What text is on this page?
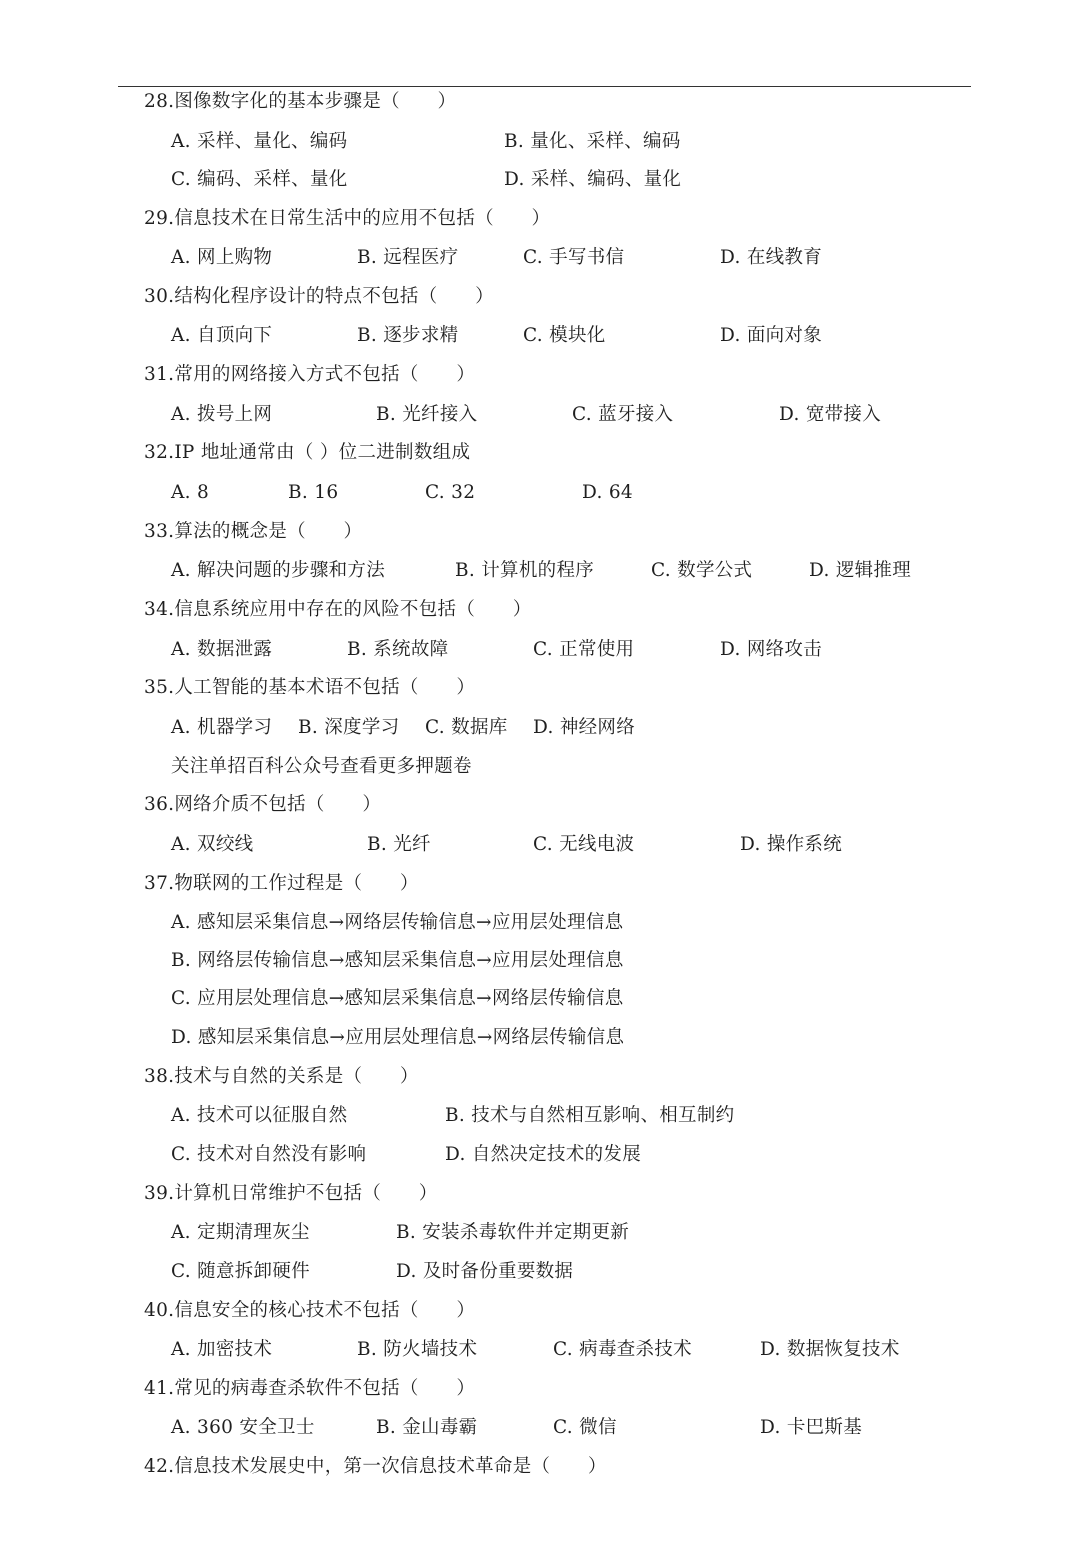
28.图像数字化的基本步骤是（　　）
A. 采样、量化、编码	B. 量化、采样、编码
C. 编码、采样、量化	D. 采样、编码、量化
29.信息技术在日常生活中的应用不包括（　　）
A. 网上购物	B. 远程医疗	C. 手写书信	D. 在线教育
30.结构化程序设计的特点不包括（　　）
A. 自顶向下	B. 逐步求精	C. 模块化	D. 面向对象
31.常用的网络接入方式不包括（　　）
A. 拨号上网	B. 光纤接入	C. 蓝牙接入	D. 宽带接入
32.IP 地址通常由（ ）位二进制数组成
A. 8	B. 16	C. 32	D. 64
33.算法的概念是（　　）
A. 解决问题的步骤和方法	B. 计算机的程序	C. 数学公式	D. 逻辑推理
34.信息系统应用中存在的风险不包括（　　）
A. 数据泄露	B. 系统故障	C. 正常使用	D. 网络攻击
35.人工智能的基本术语不包括（　　）
A. 机器学习 B. 深度学习 C. 数据库 D. 神经网络
关注单招百科公众号查看更多押题卷
36.网络介质不包括（　　）
A. 双绞线	B. 光纤	C. 无线电波	D. 操作系统
37.物联网的工作过程是（　　）
A. 感知层采集信息→网络层传输信息→应用层处理信息
B. 网络层传输信息→感知层采集信息→应用层处理信息
C. 应用层处理信息→感知层采集信息→网络层传输信息
D. 感知层采集信息→应用层处理信息→网络层传输信息
38.技术与自然的关系是（　　）
A. 技术可以征服自然	B. 技术与自然相互影响、相互制约
C. 技术对自然没有影响	D. 自然决定技术的发展
39.计算机日常维护不包括（　　）
A. 定期清理灰尘	B. 安装杀毒软件并定期更新
C. 随意拆卸硬件	D. 及时备份重要数据
40.信息安全的核心技术不包括（　　）
A. 加密技术	B. 防火墙技术	C. 病毒查杀技术	D. 数据恢复技术
41.常见的病毒查杀软件不包括（　　）
A. 360 安全卫士	B. 金山毒霸	C. 微信	D. 卡巴斯基
42.信息技术发展史中，第一次信息技术革命是（　　）
